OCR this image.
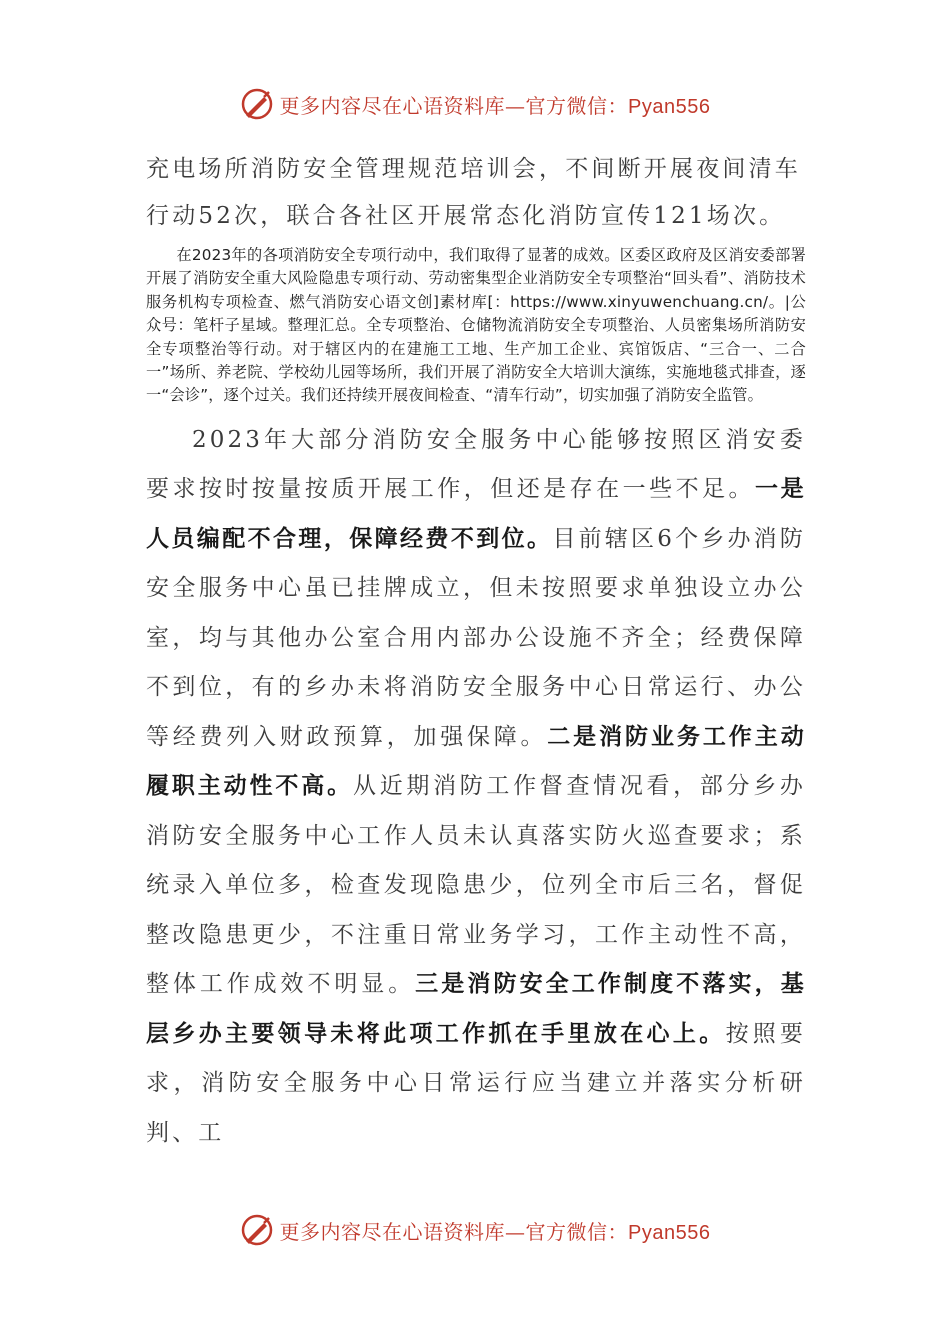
更多内容尽在心语资料库—官方微信：Pyan556

充电场所消防安全管理规范培训会，不间断开展夜间清车

行动52次，联合各社区开展常态化消防宣传121场次。

在2023年的各项消防安全专项行动中，我们取得了显著的成效。区委区政府及区消安委部署开展了消防安全重大风险隐患专项行动、劳动密集型企业消防安全专项整治“回头看”、消防技术服务机构专项检查、燃气消防安心语文创]素材库[：https://www.xinyuwenchuang.cn/。|公众号：笔杆子星域。整理汇总。全专项整治、仓储物流消防安全专项整治、人员密集场所消防安全专项整治等行动。对于辖区内的在建施工工地、生产加工企业、宾馆饭店、“三合一、二合一”场所、养老院、学校幼儿园等场所，我们开展了消防安全大培训大演练，实施地毯式排查，逐一“会诊”，逐个过关。我们还持续开展夜间检查、“清车行动”，切实加强了消防安全监管。

2023年大部分消防安全服务中心能够按照区消安委要求按时按量按质开展工作，但还是存在一些不足。一是人员编配不合理，保障经费不到位。目前辖区6个乡办消防安全服务中心虽已挂牌成立，但未按照要求单独设立办公室，均与其他办公室合用内部办公设施不齐全；经费保障不到位，有的乡办未将消防安全服务中心日常运行、办公等经费列入财政预算，加强保障。二是消防业务工作主动履职主动性不高。从近期消防工作督查情况看，部分乡办消防安全服务中心工作人员未认真落实防火巡查要求；系统录入单位多，检查发现隐患少，位列全市后三名，督促整改隐患更少，不注重日常业务学习，工作主动性不高，整体工作成效不明显。三是消防安全工作制度不落实，基层乡办主要领导未将此项工作抓在手里放在心上。按照要求，消防安全服务中心日常运行应当建立并落实分析研判、工

更多内容尽在心语资料库—官方微信：Pyan556
